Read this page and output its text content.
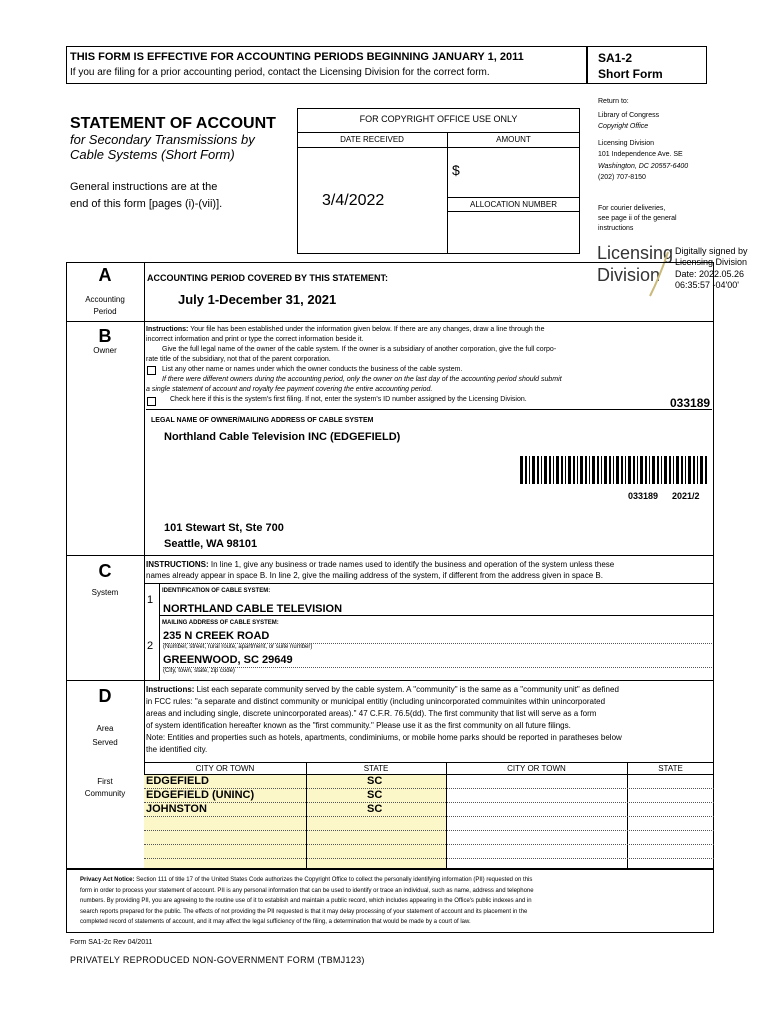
THIS FORM IS EFFECTIVE FOR ACCOUNTING PERIODS BEGINNING JANUARY 1, 2011
If you are filing for a prior accounting period, contact the Licensing Division for the correct form.
SA1-2
Short Form
STATEMENT OF ACCOUNT
for Secondary Transmissions by
Cable Systems (Short Form)
General instructions are at the
end of this form [pages (i)-(vii)].
FOR COPYRIGHT OFFICE USE ONLY
DATE RECEIVED	AMOUNT
$
3/4/2022	ALLOCATION NUMBER
Return to:
Library of Congress
Copyright Office
Licensing Division
101 Independence Ave. SE
Washington, DC 20557-6400
(202) 707-8150
For courier deliveries,
see page ii of the general
instructions
Licensing
Division
Digitally signed by
Licensing Division
Date: 2022.05.26
06:35:57 -04'00'
A
Accounting
Period
ACCOUNTING PERIOD COVERED BY THIS STATEMENT:
July 1-December 31, 2021
B
Owner
Instructions: Your file has been established under the information given below. If there are any changes, draw a line through the
incorrect information and print or type the correct information beside it.
Give the full legal name of the owner of the cable system. If the owner is a subsidiary of another corporation, give the full corpo-
rate title of the subsidiary, not that of the parent corporation.
List any other name or names under which the owner conducts the business of the cable system.
If there were different owners during the accounting period, only the owner on the last day of the accounting period should submit
a single statement of account and royalty fee payment covering the entire accounting period.
Check here if this is the system's first filing. If not, enter the system's ID number assigned by the Licensing Division.	033189
LEGAL NAME OF OWNER/MAILING ADDRESS OF CABLE SYSTEM
Northland Cable Television INC (EDGEFIELD)
033189 2021/2
101 Stewart St, Ste 700
Seattle, WA 98101
C
System
INSTRUCTIONS: In line 1, give any business or trade names used to identify the business and operation of the system unless these
names already appear in space B. In line 2, give the mailing address of the system, if different from the address given in space B.
1
IDENTIFICATION OF CABLE SYSTEM:
NORTHLAND CABLE TELEVISION
MAILING ADDRESS OF CABLE SYSTEM:
235 N CREEK ROAD
2 (Number, street, rural route, apartment, or suite number)
GREENWOOD, SC 29649
(City, town, state, zip code)
D
Area
Served
First
Community
Instructions: List each separate community served by the cable system. A "community" is the same as a "community unit" as defined
in FCC rules: "a separate and distinct community or municipal entitiy (including unincorporated commuinites within unincorporated
areas and including single, discrete unincorporated areas)." 47 C.F.R. 76.5(dd). The first community that list will serve as a form
of system identification hereafter known as the "first community." Please use it as the first community on all future filings.
Note: Entities and properties such as hotels, apartments, condiminiums, or mobile home parks should be reported in paratheses below
the identified city.
CITY OR TOWN	STATE	CITY OR TOWN	STATE
EDGEFIELD	SC
EDGEFIELD (UNINC)	SC
JOHNSTON	SC
Privacy Act Notice: Section 111 of title 17 of the United States Code authorizes the Copyright Office to collect the personally identifying information (PII) requested on this
form in order to process your statement of account. PII is any personal information that can be used to identify or trace an individual, such as name, address and telephone
numbers. By providing PII, you are agreeing to the routine use of it to establish and maintain a public record, which includes appearing in the Office's public indexes and in
search reports prepared for the public. The effects of not providing the PII requested is that it may delay processing of your statement of account and its placement in the
completed record of statements of account, and it may affect the legal sufficiency of the filing, a determination that would be made by a court of law.
Form SA1-2c Rev 04/2011
PRIVATELY REPRODUCED NON-GOVERNMENT FORM (TBMJ123)
